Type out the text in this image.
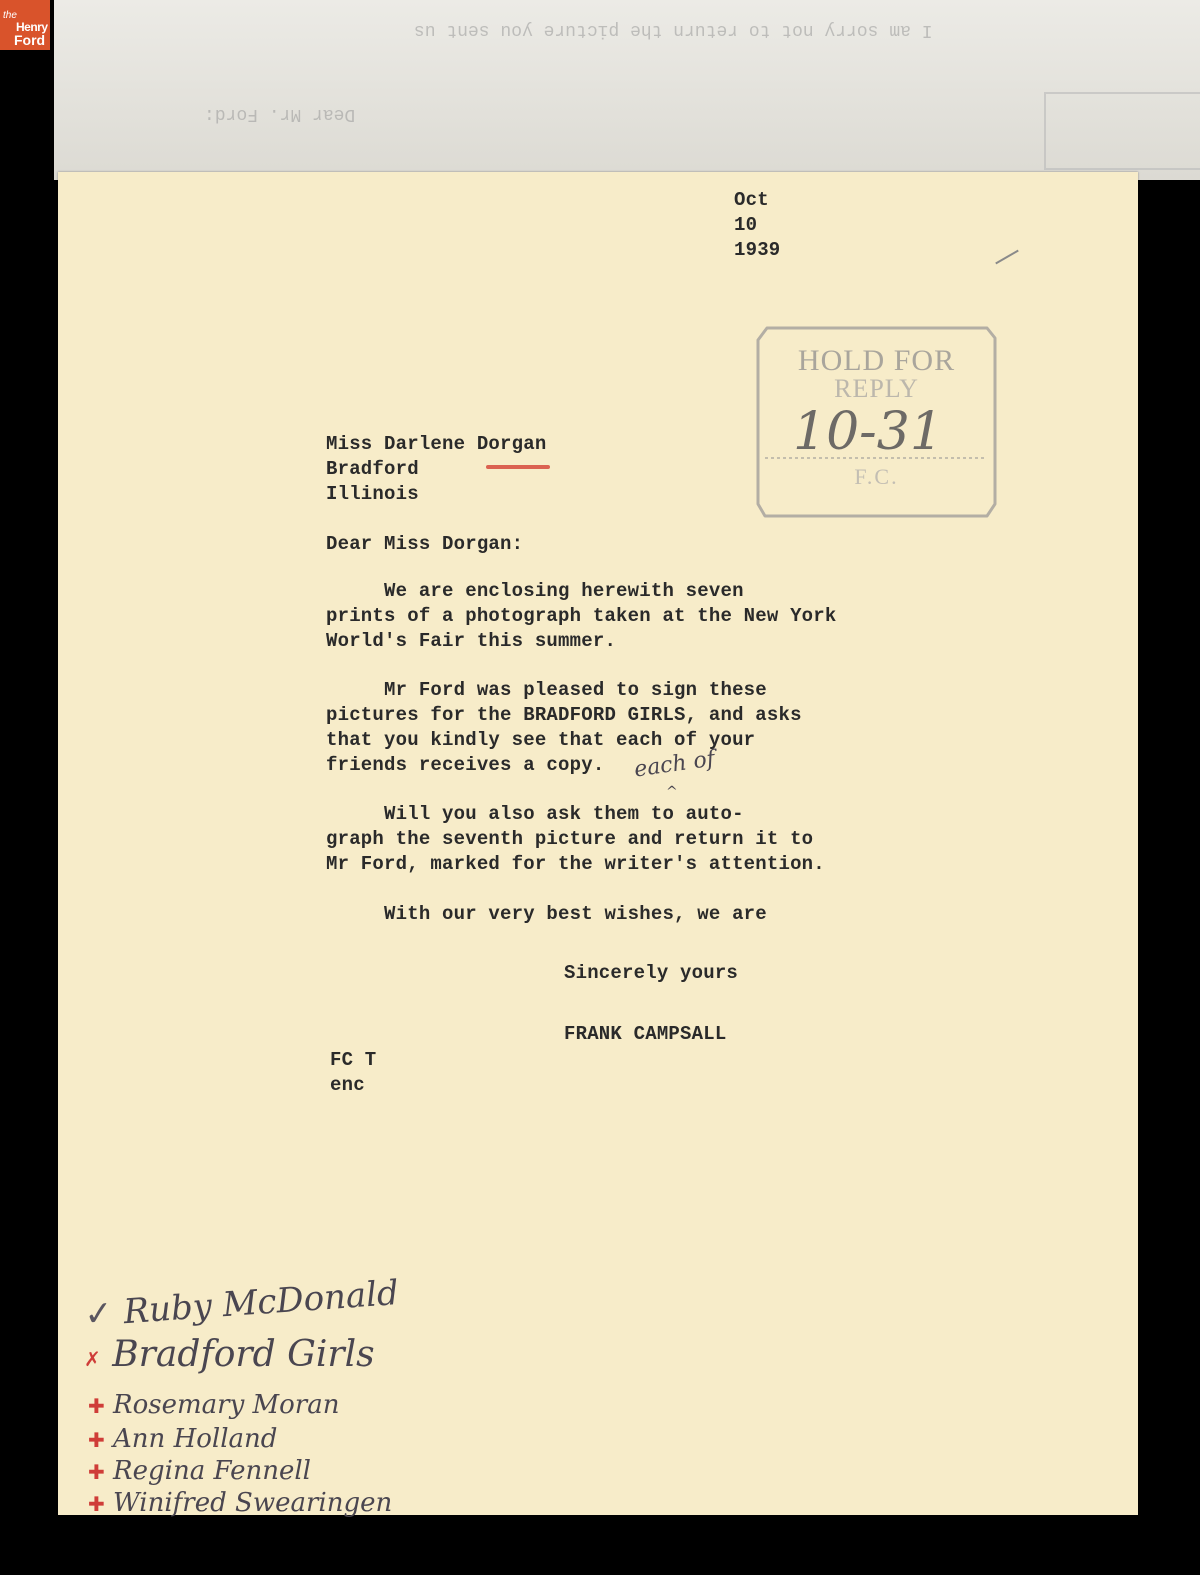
the
Henry
Ford	I am sorry not to return the picture you sent us
Dear Mr. Ford:
Oct
10
1939
HOLD FOR
REPLY
10-31
F.C.
Miss Darlene Dorgan
Bradford
Illinois
Dear Miss Dorgan:
We are enclosing herewith seven
prints of a photograph taken at the New York
World's Fair this summer.
Mr Ford was pleased to sign these
pictures for the BRADFORD GIRLS, and asks
that you kindly see that each of your
friends receives a copy.	each of
^
Will you also ask them to auto-
graph the seventh picture and return it to
Mr Ford, marked for the writer's attention.
With our very best wishes, we are
Sincerely yours
FRANK CAMPSALL
FC T
enc
✓ Ruby McDonald
✗ Bradford Girls
✚ Rosemary Moran
✚ Ann Holland
✚ Regina Fennell
✚ Winifred Swearingen
